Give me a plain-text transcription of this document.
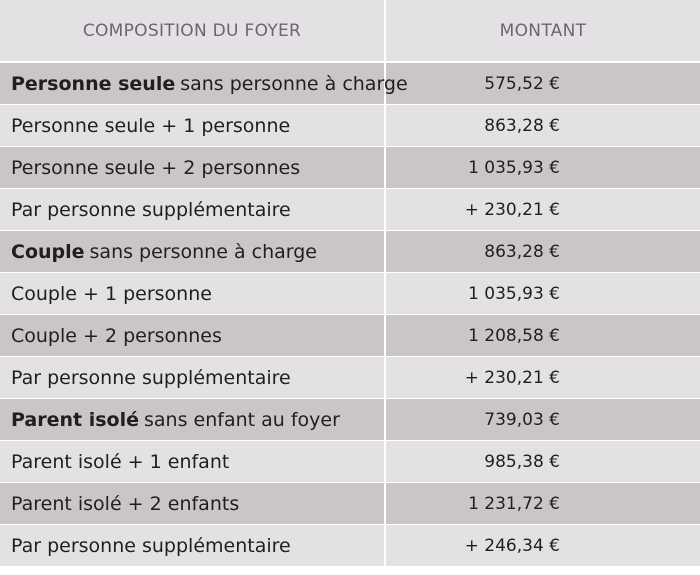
COMPOSITION DU FOYER	MONTANT
Personne seule sans personne à charge	575,52 €
Personne seule + 1 personne	863,28 €
Personne seule + 2 personnes	1 035,93 €
Par personne supplémentaire	+ 230,21 €
Couple sans personne à charge	863,28 €
Couple + 1 personne	1 035,93 €
Couple + 2 personnes	1 208,58 €
Par personne supplémentaire	+ 230,21 €
Parent isolé sans enfant au foyer	739,03 €
Parent isolé + 1 enfant	985,38 €
Parent isolé + 2 enfants	1 231,72 €
Par personne supplémentaire	+ 246,34 €
